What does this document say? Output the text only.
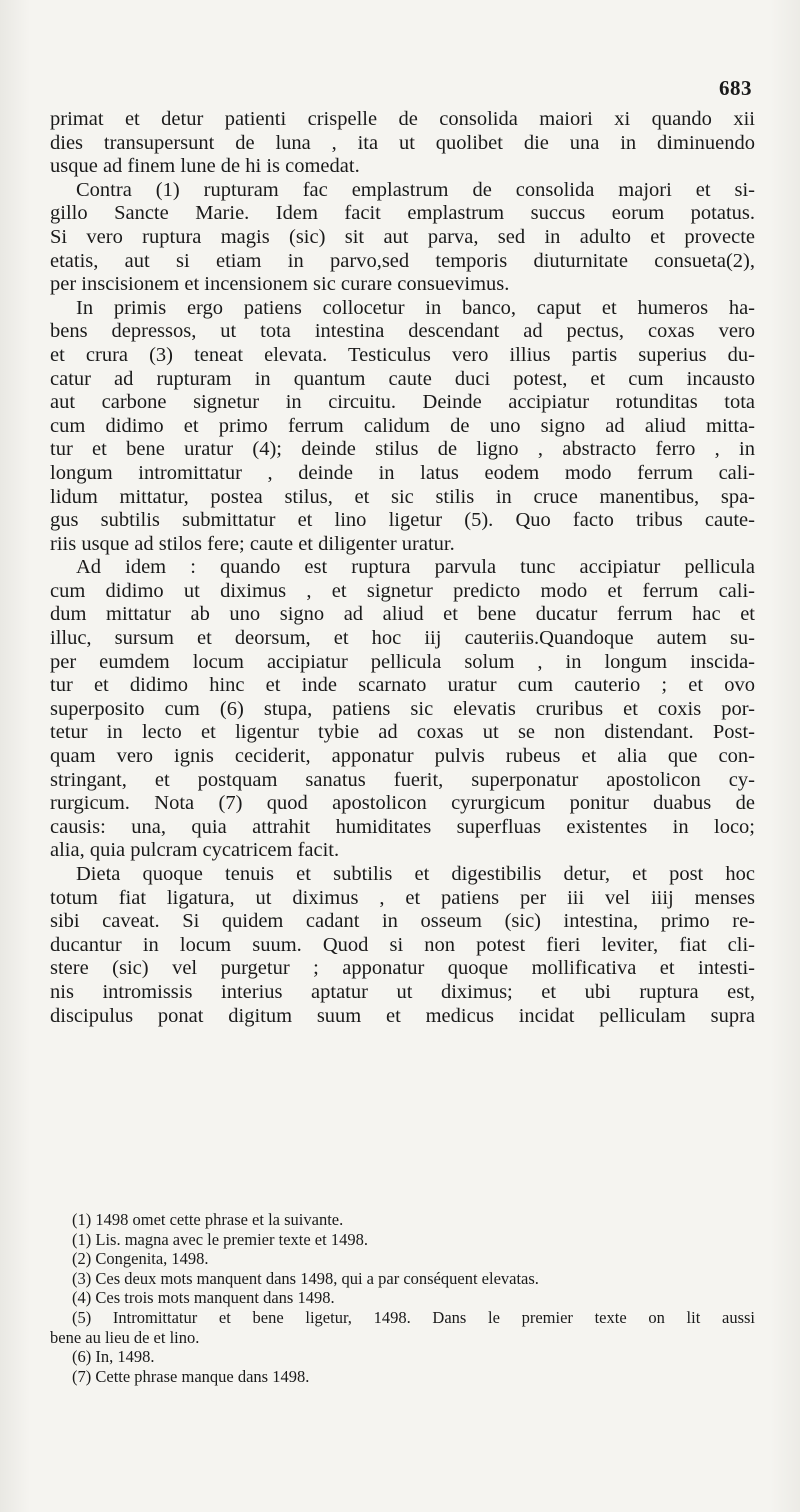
683
primat et detur patienti crispelle de consolida maiori xi quando xii
dies transupersunt de luna , ita ut quolibet die una in diminuendo
usque ad finem lune de hi is comedat.
Contra (1) rupturam fac emplastrum de consolida majori et si-
gillo Sancte Marie. Idem facit emplastrum succus eorum potatus.
Si vero ruptura magis (sic) sit aut parva, sed in adulto et provecte
etatis, aut si etiam in parvo,sed temporis diuturnitate consueta(2),
per inscisionem et incensionem sic curare consuevimus.
In primis ergo patiens collocetur in banco, caput et humeros ha-
bens depressos, ut tota intestina descendant ad pectus, coxas vero
et crura (3) teneat elevata. Testiculus vero illius partis superius du-
catur ad rupturam in quantum caute duci potest, et cum incausto
aut carbone signetur in circuitu. Deinde accipiatur rotunditas tota
cum didimo et primo ferrum calidum de uno signo ad aliud mitta-
tur et bene uratur (4); deinde stilus de ligno , abstracto ferro , in
longum intromittatur , deinde in latus eodem modo ferrum cali-
lidum mittatur, postea stilus, et sic stilis in cruce manentibus, spa-
gus subtilis submittatur et lino ligetur (5). Quo facto tribus caute-
riis usque ad stilos fere; caute et diligenter uratur.
Ad idem : quando est ruptura parvula tunc accipiatur pellicula
cum didimo ut diximus , et signetur predicto modo et ferrum cali-
dum mittatur ab uno signo ad aliud et bene ducatur ferrum hac et
illuc, sursum et deorsum, et hoc iij cauteriis.Quandoque autem su-
per eumdem locum accipiatur pellicula solum , in longum inscida-
tur et didimo hinc et inde scarnato uratur cum cauterio ; et ovo
superposito cum (6) stupa, patiens sic elevatis cruribus et coxis por-
tetur in lecto et ligentur tybie ad coxas ut se non distendant. Post-
quam vero ignis ceciderit, apponatur pulvis rubeus et alia que con-
stringant, et postquam sanatus fuerit, superponatur apostolicon cy-
rurgicum. Nota (7) quod apostolicon cyrurgicum ponitur duabus de
causis: una, quia attrahit humiditates superfluas existentes in loco;
alia, quia pulcram cycatricem facit.
Dieta quoque tenuis et subtilis et digestibilis detur, et post hoc
totum fiat ligatura, ut diximus , et patiens per iii vel iiij menses
sibi caveat. Si quidem cadant in osseum (sic) intestina, primo re-
ducantur in locum suum. Quod si non potest fieri leviter, fiat cli-
stere (sic) vel purgetur ; apponatur quoque mollificativa et intesti-
nis intromissis interius aptatur ut diximus; et ubi ruptura est,
discipulus ponat digitum suum et medicus incidat pelliculam supra
(1) 1498 omet cette phrase et la suivante.
(1) Lis. magna avec le premier texte et 1498.
(2) Congenita, 1498.
(3) Ces deux mots manquent dans 1498, qui a par conséquent elevatas.
(4) Ces trois mots manquent dans 1498.
(5) Intromittatur et bene ligetur, 1498. Dans le premier texte on lit aussi
bene au lieu de et lino.
(6) In, 1498.
(7) Cette phrase manque dans 1498.
